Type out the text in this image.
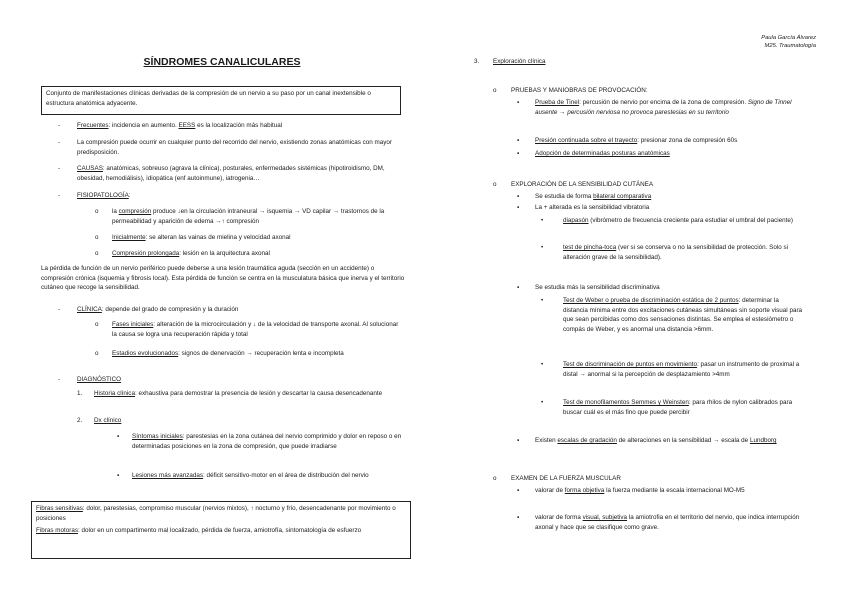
Paula García Álvarez
M25. Traumatología
SÍNDROMES CANALICULARES
Conjunto de manifestaciones clínicas derivadas de la compresión de un nervio a su paso por un canal inextensible o estructura anatómica adyacente.
-	Frecuentes: incidencia en aumento. EESS es la localización más habitual
-	La compresión puede ocurrir en cualquier punto del recorrido del nervio, existiendo zonas anatómicas con mayor predisposición.
-	CAUSAS: anatómicas, sobreuso (agrava la clínica), posturales, enfermedades sistémicas (hipotiroidismo, DM, obesidad, hemodiálisis), idiopática (enf autoinmune), iatrogenia…
-	FISIOPATOLOGÍA:
o la compresión produce ↓en la circulación intraneural → isquemia → VD capilar → trastornos de la permeabilidad y aparición de edema →↑ compresión
o Inicialmente: se alteran las vainas de mielina y velocidad axonal
o Compresión prolongada: lesión en la arquitectura axonal
La pérdida de función de un nervio periférico puede deberse a una lesión traumática aguda (sección en un accidente) o compresión crónica (isquemia y fibrosis local). Esta pérdida de función se centra en la musculatura básica que inerva y el territorio cutáneo que recoge la sensibilidad.
-	CLÍNICA: depende del grado de compresión y la duración
o Fases iniciales: alteración de la microcirculación y ↓ de la velocidad de transporte axonal. Al solucionar la causa se logra una recuperación rápida y total
o Estadios evolucionados: signos de denervación → recuperación lenta e incompleta
-	DIAGNÓSTICO
1. Historia clínica: exhaustiva para demostrar la presencia de lesión y descartar la causa desencadenante
2. Dx clínico
▪ Síntomas iniciales: parestesias en la zona cutánea del nervio comprimido y dolor en reposo o en determinadas posiciones en la zona de compresión, que puede irradiarse
▪ Lesiones más avanzadas: déficit sensitivo-motor en el área de distribución del nervio
Fibras sensitivas: dolor, parestesias, compromiso muscular (nervios mixtos), ↑ nocturno y frío, desencadenante por movimiento o posiciones
Fibras motoras: dolor en un compartimento mal localizado, pérdida de fuerza, amiotrofía, sintomatología de esfuerzo
3. Exploración clínica
o PRUEBAS Y MANIOBRAS DE PROVOCACIÓN:
▪	Prueba de Tinel: percusión de nervio por encima de la zona de compresión. Signo de Tinnel ausente → percusión nerviosa no provoca parestesias en su territorio
▪	Presión continuada sobre el trayecto: presionar zona de compresión 60s
▪	Adopción de determinadas posturas anatómicas
o EXPLORACIÓN DE LA SENSIBILIDAD CUTÁNEA
▪	Se estudia de forma bilateral comparativa
▪	La + alterada es la sensibilidad vibratoria
•	diapasón (vibrómetro de frecuencia creciente para estudiar el umbral del paciente)
•	test de pincha-toca (ver si se conserva o no la sensibilidad de protección. Solo si alteración grave de la sensibilidad).
▪	Se estudia más la sensibilidad discriminativa
•	Test de Weber o prueba de discriminación estática de 2 puntos: determinar la distancia mínima entre dos excitaciones cutáneas simultáneas sin soporte visual para que sean percibidas como dos sensaciones distintas. Se emplea el estesiómetro o compás de Weber, y es anormal una distancia >6mm.
•	Test de discriminación de puntos en movimiento: pasar un instrumento de proximal a distal → anormal si la percepción de desplazamiento >4mm
•	Test de monofilamentos Semmes y Weinsten: para rhilos de nylon calibrados para buscar cuál es el más fino que puede percibir
▪	Existen escalas de gradación de alteraciones en la sensibilidad → escala de Lundborg
o EXAMEN DE LA FUERZA MUSCULAR
▪	valorar de forma objetiva la fuerza mediante la escala internacional MO-M5
▪	valorar de forma visual, subjetiva la amiotrofia en el territorio del nervio, que indica interrupción axonal y hace que se clasifique como grave.
